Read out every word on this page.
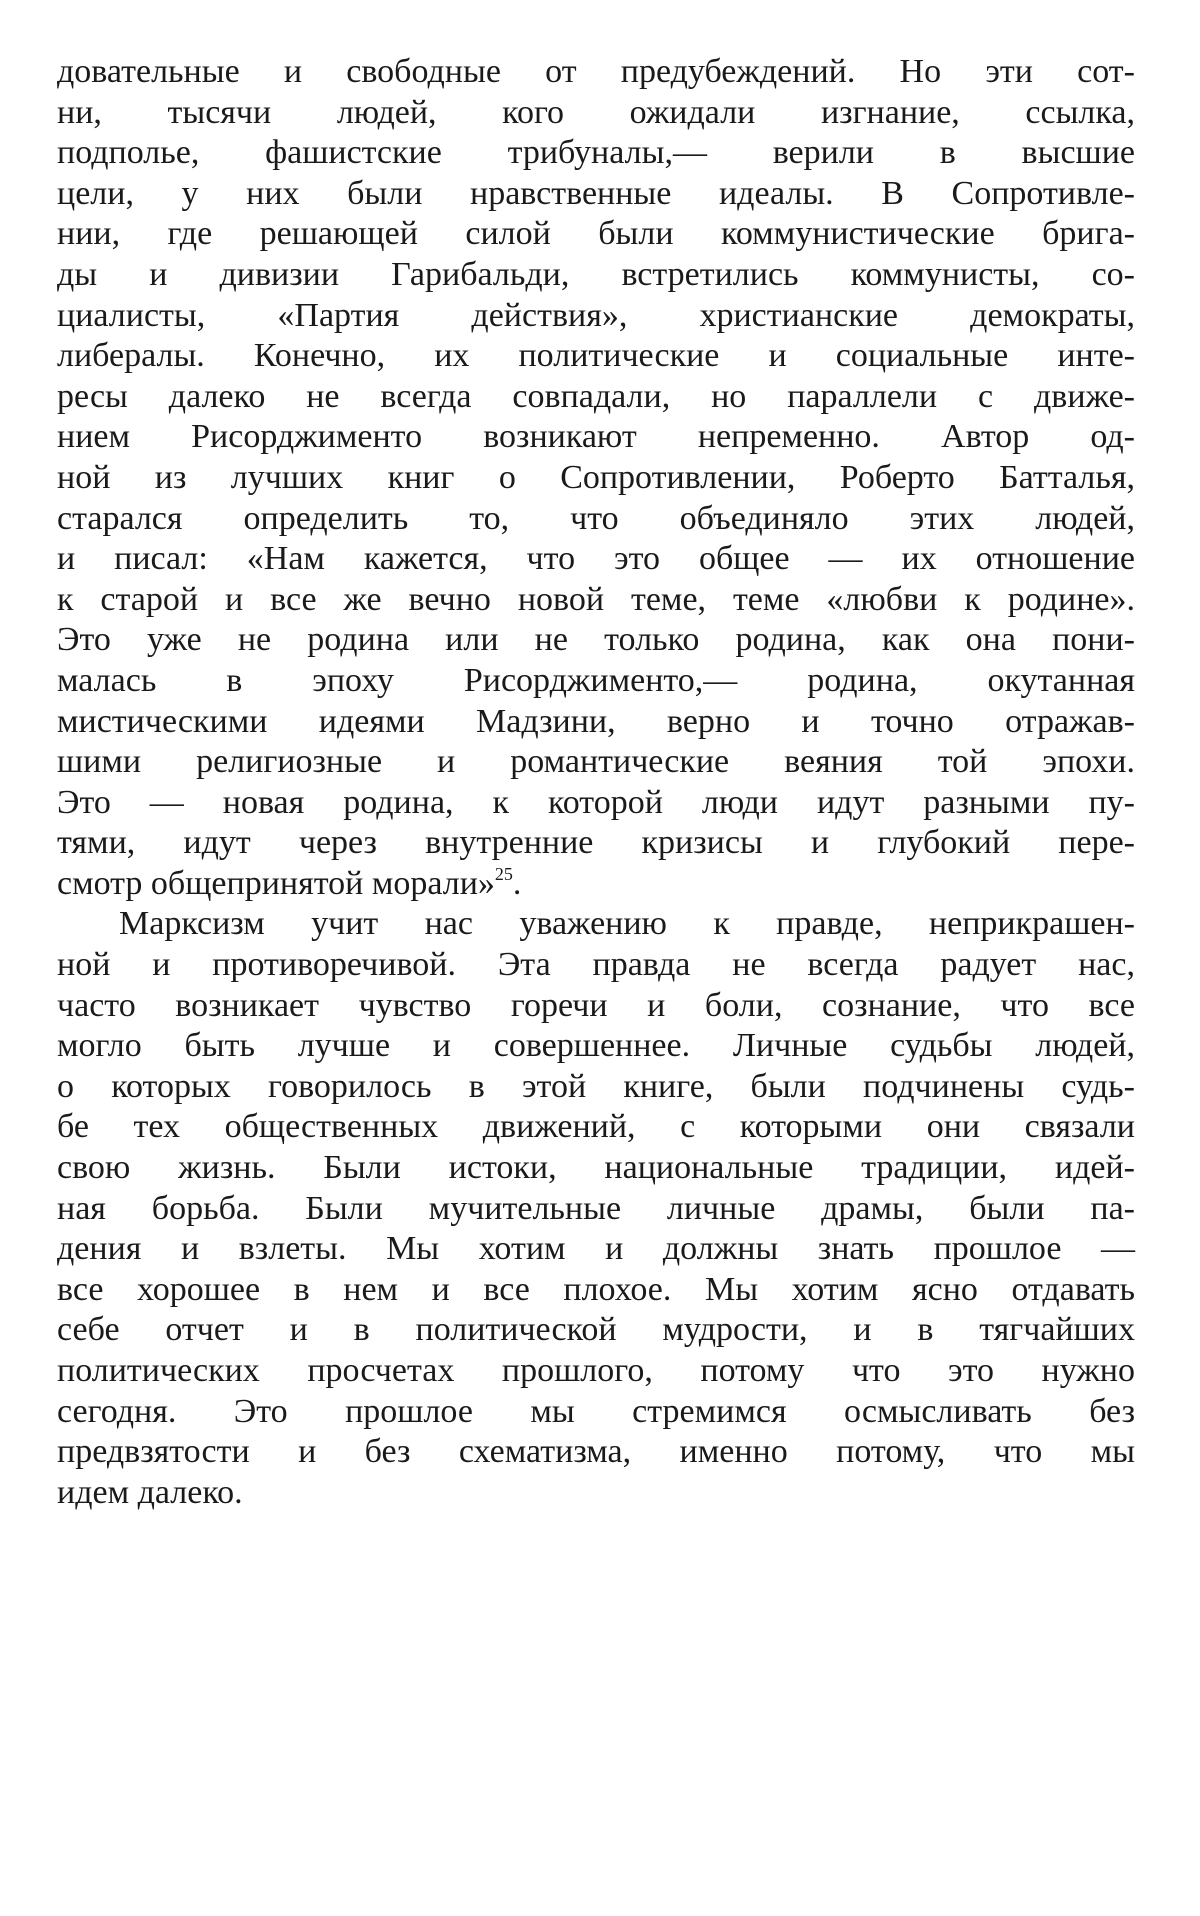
довательные и свободные от предубеждений. Но эти сот-
ни, тысячи людей, кого ожидали изгнание, ссылка,
подполье, фашистские трибуналы,— верили в высшие
цели, у них были нравственные идеалы. В Сопротивле-
нии, где решающей силой были коммунистические брига-
ды и дивизии Гарибальди, встретились коммунисты, со-
циалисты, «Партия действия», христианские демократы,
либералы. Конечно, их политические и социальные инте-
ресы далеко не всегда совпадали, но параллели с движе-
нием Рисорджименто возникают непременно. Автор од-
ной из лучших книг о Сопротивлении, Роберто Батталья,
старался определить то, что объединяло этих людей,
и писал: «Нам кажется, что это общее — их отношение
к старой и все же вечно новой теме, теме «любви к родине».
Это уже не родина или не только родина, как она пони-
малась в эпоху Рисорджименто,— родина, окутанная
мистическими идеями Мадзини, верно и точно отражав-
шими религиозные и романтические веяния той эпохи.
Это — новая родина, к которой люди идут разными пу-
тями, идут через внутренние кризисы и глубокий пере-
смотр общепринятой морали»$^{25}$.
Марксизм учит нас уважению к правде, неприкрашен-
ной и противоречивой. Эта правда не всегда радует нас,
часто возникает чувство горечи и боли, сознание, что все
могло быть лучше и совершеннее. Личные судьбы людей,
о которых говорилось в этой книге, были подчинены судь-
бе тех общественных движений, с которыми они связали
свою жизнь. Были истоки, национальные традиции, идей-
ная борьба. Были мучительные личные драмы, были па-
дения и взлеты. Мы хотим и должны знать прошлое —
все хорошее в нем и все плохое. Мы хотим ясно отдавать
себе отчет и в политической мудрости, и в тягчайших
политических просчетах прошлого, потому что это нужно
сегодня. Это прошлое мы стремимся осмысливать без
предвзятости и без схематизма, именно потому, что мы
идем далеко.
